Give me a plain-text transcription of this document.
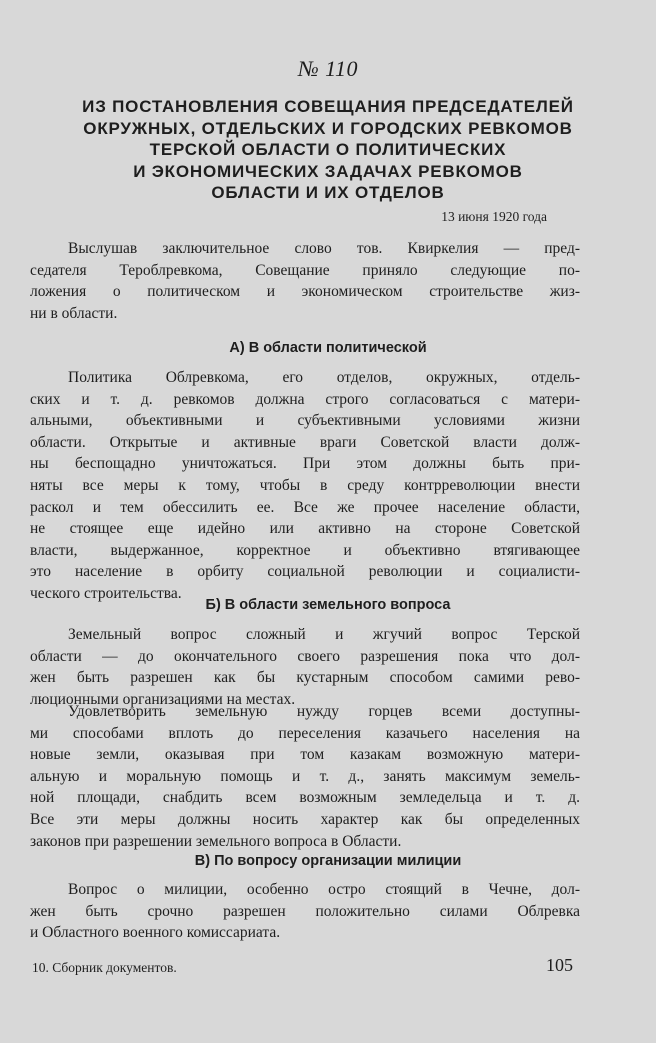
№ 110
ИЗ ПОСТАНОВЛЕНИЯ СОВЕЩАНИЯ ПРЕДСЕДАТЕЛЕЙ
ОКРУЖНЫХ, ОТДЕЛЬСКИХ И ГОРОДСКИХ РЕВКОМОВ
ТЕРСКОЙ ОБЛАСТИ О ПОЛИТИЧЕСКИХ
И ЭКОНОМИЧЕСКИХ ЗАДАЧАХ РЕВКОМОВ
ОБЛАСТИ И ИХ ОТДЕЛОВ
13 июня 1920 года
Выслушав заключительное слово тов. Квиркелия — пред-
седателя Тероблревкома, Совещание приняло следующие по-
ложения о политическом и экономическом строительстве жиз-
ни в области.
А) В области политической
Политика Облревкома, его отделов, окружных, отдель-
ских и т. д. ревкомов должна строго согласоваться с матери-
альными, объективными и субъективными условиями жизни
области. Открытые и активные враги Советской власти долж-
ны беспощадно уничтожаться. При этом должны быть при-
няты все меры к тому, чтобы в среду контрреволюции внести
раскол и тем обессилить ее. Все же прочее население области,
не стоящее еще идейно или активно на стороне Советской
власти, выдержанное, корректное и объективно втягивающее
это население в орбиту социальной революции и социалисти-
ческого строительства.
Б) В области земельного вопроса
Земельный вопрос сложный и жгучий вопрос Терской
области — до окончательного своего разрешения пока что дол-
жен быть разрешен как бы кустарным способом самими рево-
люционными организациями на местах.
Удовлетворить земельную нужду горцев всеми доступны-
ми способами вплоть до переселения казачьего населения на
новые земли, оказывая при том казакам возможную матери-
альную и моральную помощь и т. д., занять максимум земель-
ной площади, снабдить всем возможным земледельца и т. д.
Все эти меры должны носить характер как бы определенных
законов при разрешении земельного вопроса в Области.
В) По вопросу организации милиции
Вопрос о милиции, особенно остро стоящий в Чечне, дол-
жен быть срочно разрешен положительно силами Облревка
и Областного военного комиссариата.
10. Сборник документов.	105
